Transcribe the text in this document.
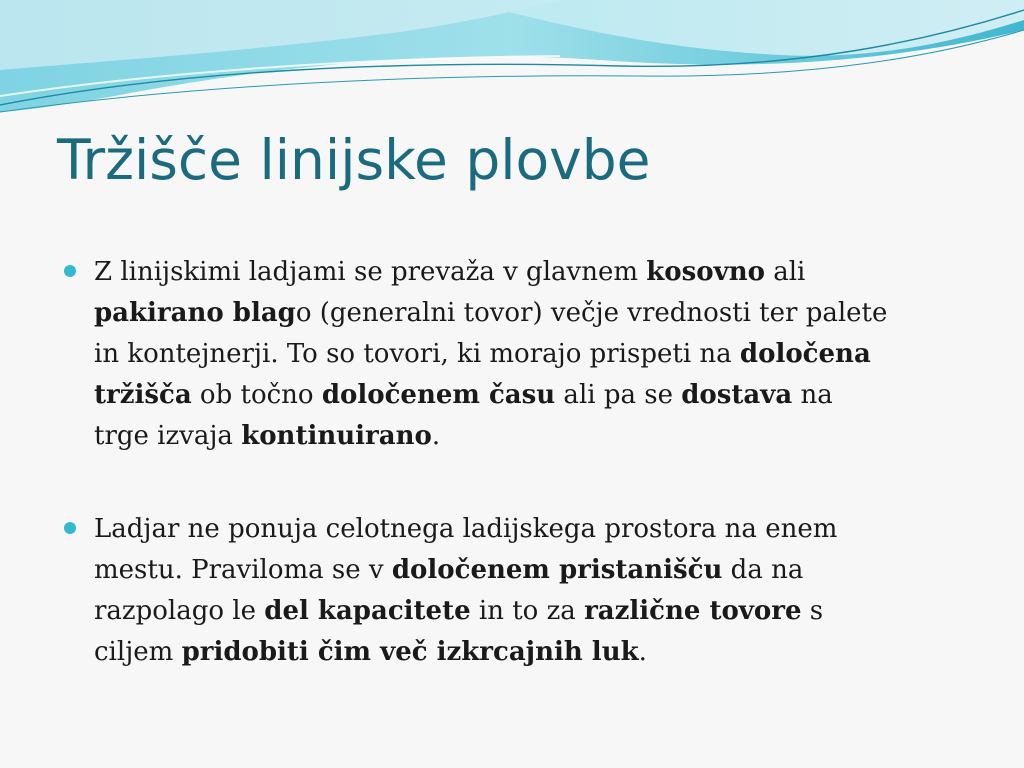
Tržišče linijske plovbe
Z linijskimi ladjami se prevaža v glavnem kosovno ali
pakirano blago (generalni tovor) večje vrednosti ter palete
in kontejnerji. To so tovori, ki morajo prispeti na določena
tržišča ob točno določenem času ali pa se dostava na
trge izvaja kontinuirano.
Ladjar ne ponuja celotnega ladijskega prostora na enem
mestu. Praviloma se v določenem pristanišču da na
razpolago le del kapacitete in to za različne tovore s
ciljem pridobiti čim več izkrcajnih luk.
